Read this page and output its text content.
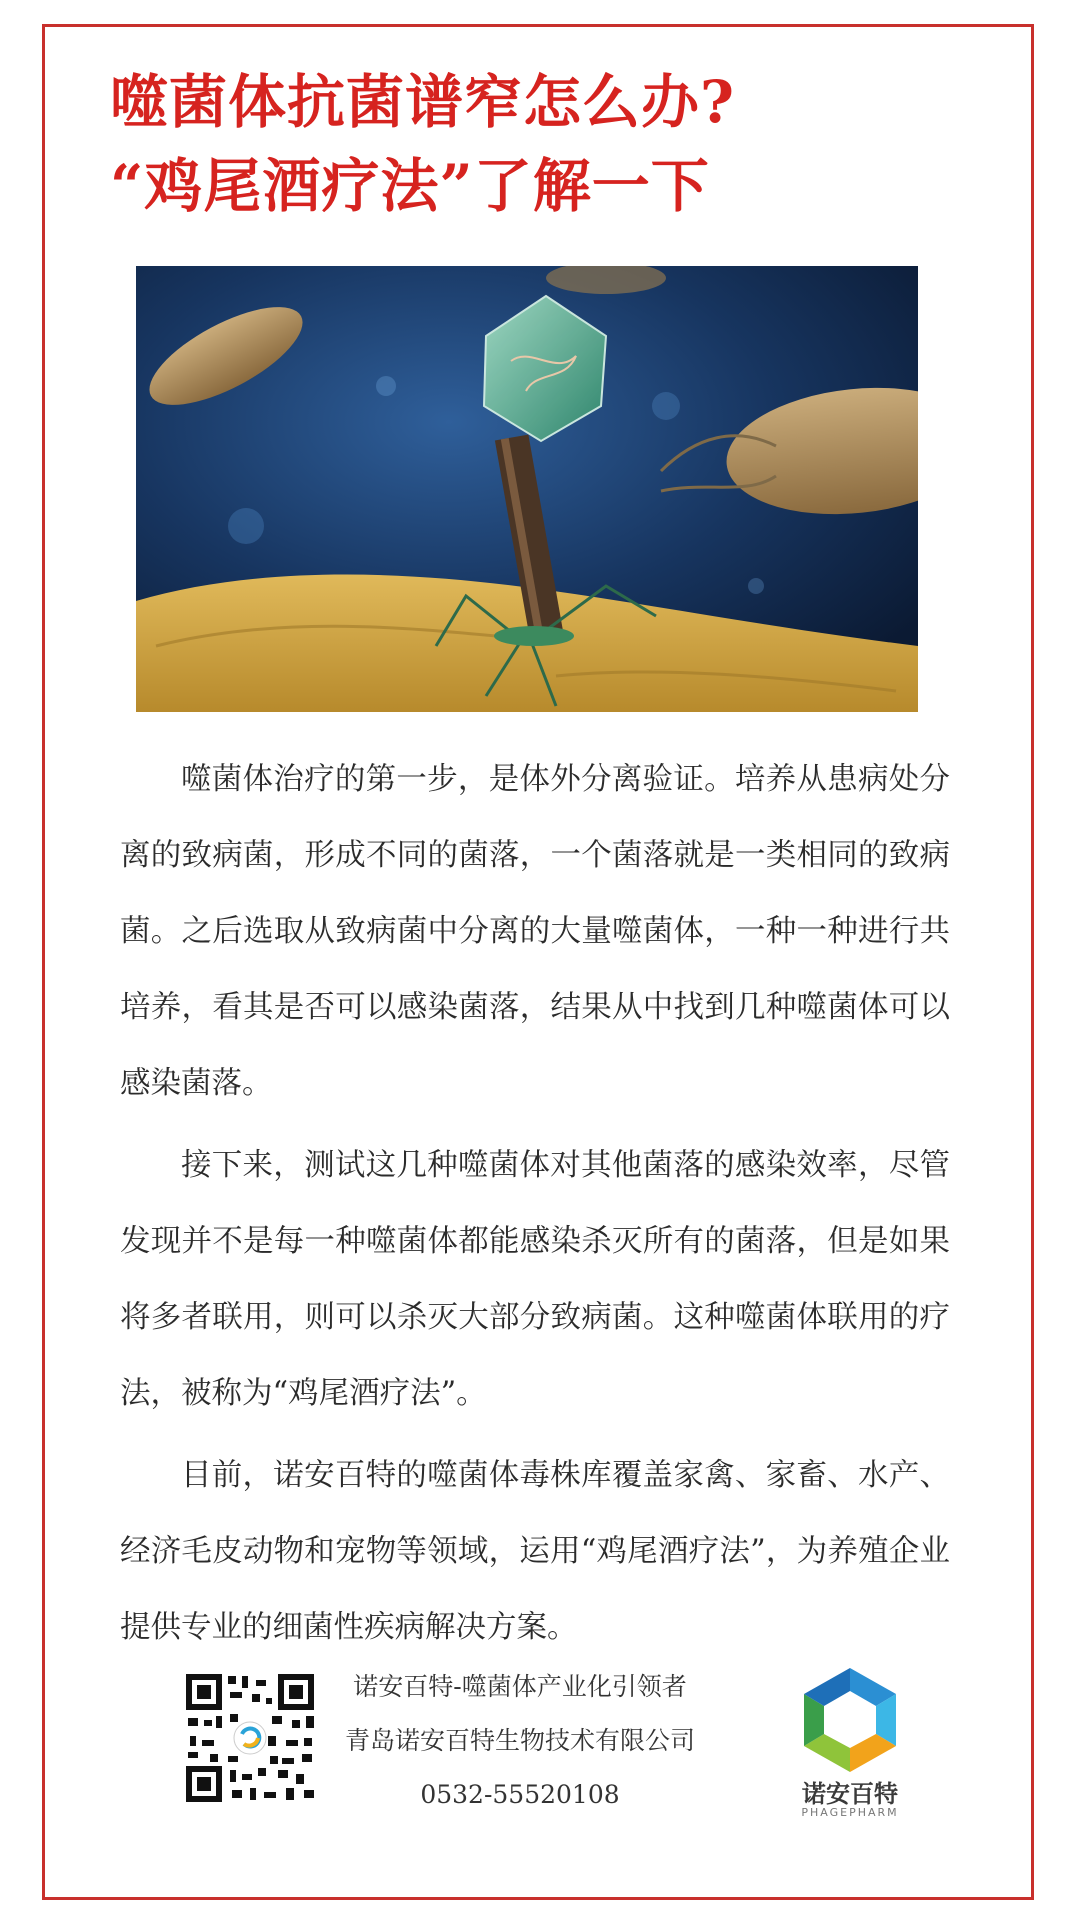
噬菌体抗菌谱窄怎么办?
“鸡尾酒疗法”了解一下

噬菌体治疗的第一步，是体外分离验证。培养从患病处分离的致病菌，形成不同的菌落，一个菌落就是一类相同的致病菌。之后选取从致病菌中分离的大量噬菌体，一种一种进行共培养，看其是否可以感染菌落，结果从中找到几种噬菌体可以感染菌落。

接下来，测试这几种噬菌体对其他菌落的感染效率，尽管发现并不是每一种噬菌体都能感染杀灭所有的菌落，但是如果将多者联用，则可以杀灭大部分致病菌。这种噬菌体联用的疗法，被称为“鸡尾酒疗法”。

目前，诺安百特的噬菌体毒株库覆盖家禽、家畜、水产、经济毛皮动物和宠物等领域，运用“鸡尾酒疗法”，为养殖企业提供专业的细菌性疾病解决方案。

诺安百特-噬菌体产业化引领者
青岛诺安百特生物技术有限公司
0532-55520108	诺安百特
PHAGEPHARM
